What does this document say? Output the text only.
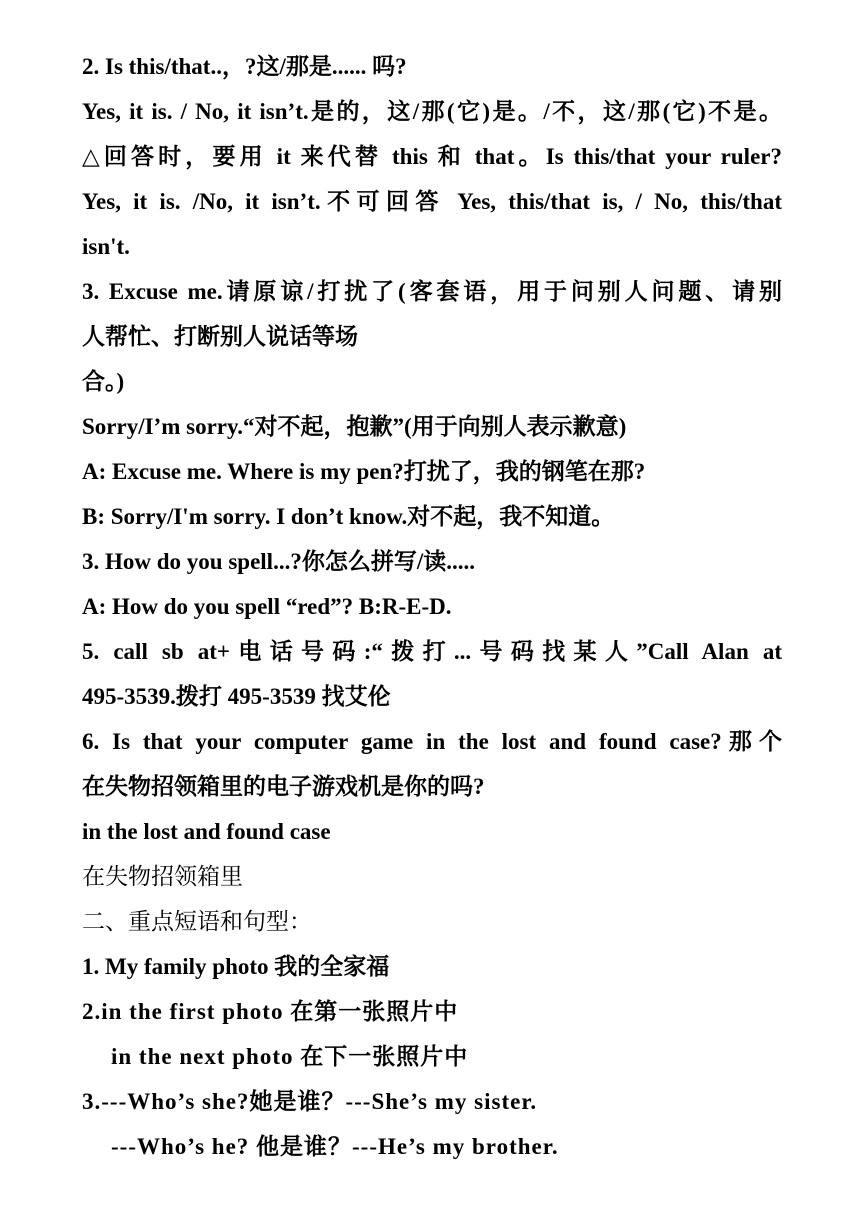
2. Is this/that..，?这/那是...... 吗?
Yes, it is. / No, it isn’t.是的，这/那(它)是。/不，这/那(它)不是。
△回答时，要用 it 来代替 this 和 that。Is this/that your ruler?
Yes, it is. /No, it isn’t.不可回答 Yes, this/that is, / No, this/that
isn't.
3. Excuse me.请原谅/打扰了(客套语，用于问别人问题、请别
人帮忙、打断别人说话等场
合。)
Sorry/I’m sorry.“对不起，抱歉”(用于向别人表示歉意)
A: Excuse me. Where is my pen?打扰了，我的钢笔在那?
B: Sorry/I'm sorry. I don’t know.对不起，我不知道。
3. How do you spell...?你怎么拼写/读.....
A: How do you spell “red”? B:R-E-D.
5. call sb at+电话号码:“拨打...号码找某人”Call Alan at
495-3539.拨打 495-3539 找艾伦
6. Is that your computer game in the lost and found case?那个
在失物招领箱里的电子游戏机是你的吗?
in the lost and found case
在失物招领箱里
二、重点短语和句型：
1. My family photo 我的全家福
2.in the first photo 在第一张照片中
in the next photo 在下一张照片中
3.---Who’s she?她是谁？---She’s my sister.
---Who’s he? 他是谁？---He’s my brother.
